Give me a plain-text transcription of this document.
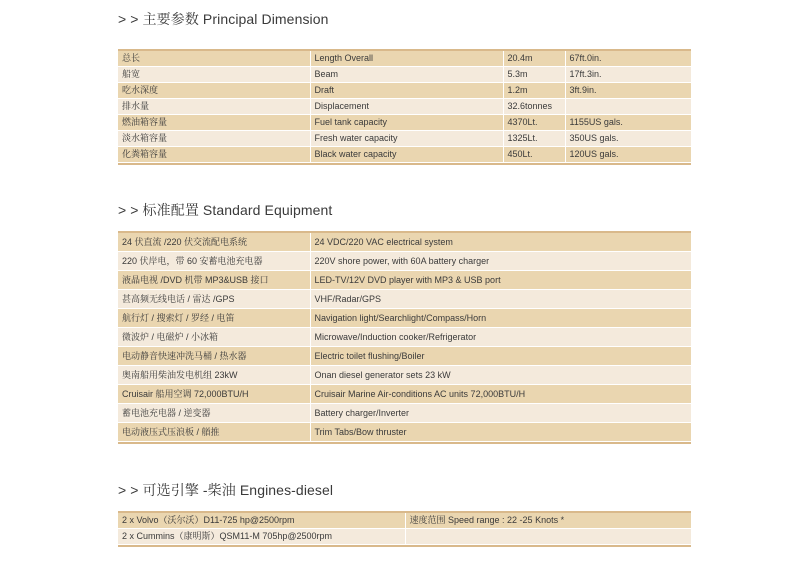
> > 主要参数 Principal Dimension

总长	Length Overall	20.4m	67ft.0in.
船宽	Beam	5.3m	17ft.3in.
吃水深度	Draft	1.2m	3ft.9in.
排水量	Displacement	32.6tonnes	
燃油箱容量	Fuel tank capacity	4370Lt.	1155US gals.
淡水箱容量	Fresh water capacity	1325Lt.	350US gals.
化粪箱容量	Black water capacity	450Lt.	120US gals.

> > 标准配置 Standard Equipment

24 伏直流 /220 伏交流配电系统	24 VDC/220 VAC electrical system
220 伏岸电，带 60 安蓄电池充电器	220V shore power, with 60A battery charger
液晶电视 /DVD 机带 MP3&USB 接口	LED-TV/12V DVD player with MP3 & USB port
甚高频无线电话 / 雷达 /GPS	VHF/Radar/GPS
航行灯 / 搜索灯 / 罗经 / 电笛	Navigation light/Searchlight/Compass/Horn
微波炉 / 电磁炉 / 小冰箱	Microwave/Induction cooker/Refrigerator
电动静音快速冲洗马桶 / 热水器	Electric toilet flushing/Boiler
奥南船用柴油发电机组 23kW	Onan diesel generator sets 23 kW
Cruisair 船用空调 72,000BTU/H	Cruisair Marine Air-conditions AC units 72,000BTU/H
蓄电池充电器 / 逆变器	Battery charger/Inverter
电动液压式压浪板 / 艏推	Trim Tabs/Bow thruster

> > 可选引擎 -柴油 Engines-diesel

2 x Volvo（沃尔沃）D11-725 hp@2500rpm	速度范围 Speed range : 22 -25 Knots *
2 x Cummins（康明斯）QSM11-M 705hp@2500rpm	
